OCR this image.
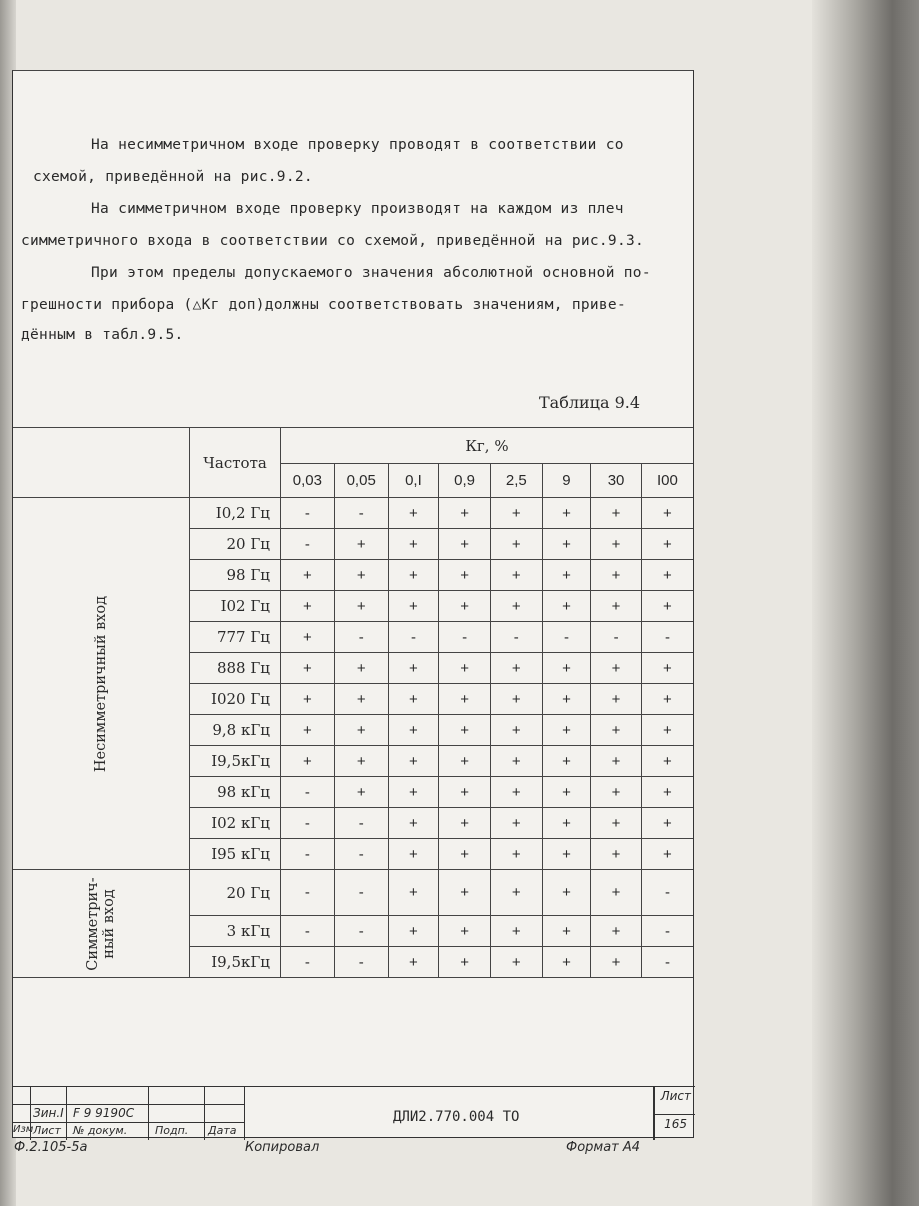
На несимметричном входе проверку проводят в соответствии со
схемой, приведённой на рис.9.2.
На симметричном входе проверку производят на каждом из плеч
симметричного входа в соответствии со схемой, приведённой на рис.9.3.
При этом пределы допускаемого значения абсолютной основной по-
грешности прибора (△Кг доп)должны соответствовать значениям, приве-
дённым в табл.9.5.
Таблица 9.4
	Частота	Кг, %							
		0,03	0,05	0,I	0,9	2,5	9	30	I00

Несимметричный вход	I0,2 Гц	-	-	+	+	+	+	+	+
	20 Гц	-	+	+	+	+	+	+	+
	98 Гц	+	+	+	+	+	+	+	+
	I02 Гц	+	+	+	+	+	+	+	+
	777 Гц	+	-	-	-	-	-	-	-
	888 Гц	+	+	+	+	+	+	+	+
	I020 Гц	+	+	+	+	+	+	+	+
	9,8 кГц	+	+	+	+	+	+	+	+
	I9,5кГц	+	+	+	+	+	+	+	+
	98 кГц	-	+	+	+	+	+	+	+
	I02 кГц	-	-	+	+	+	+	+	+
	I95 кГц	-	-	+	+	+	+	+	+

Симметрич- ный вход	20 Гц	-	-	+	+	+	+	+	-
	3 кГц	-	-	+	+	+	+	+	-
	I9,5кГц	-	-	+	+	+	+	+	-
Зин.I F 9 9190C
Изм Лист № докум.	Подп. Дата
ДЛИ2.770.004 ТО
Лист
165
Ф.2.105-5а	Копировал	Формат А4
